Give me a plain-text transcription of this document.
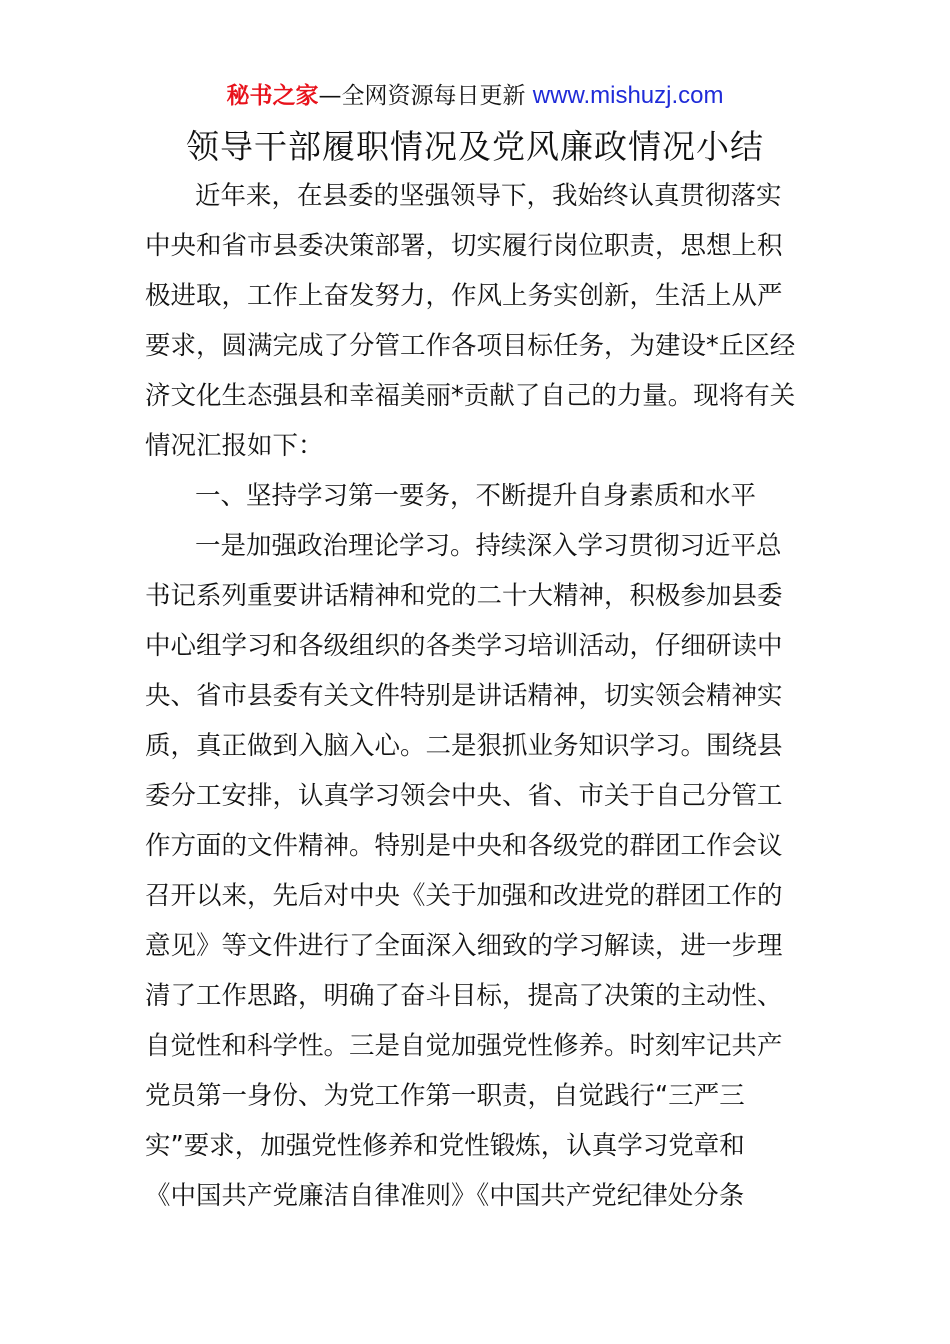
秘书之家—全网资源每日更新 www.mishuzj.com
领导干部履职情况及党风廉政情况小结
近年来，在县委的坚强领导下，我始终认真贯彻落实
中央和省市县委决策部署，切实履行岗位职责，思想上积
极进取，工作上奋发努力，作风上务实创新，生活上从严
要求，圆满完成了分管工作各项目标任务，为建设*丘区经
济文化生态强县和幸福美丽*贡献了自己的力量。现将有关
情况汇报如下：
一、坚持学习第一要务，不断提升自身素质和水平
一是加强政治理论学习。持续深入学习贯彻习近平总
书记系列重要讲话精神和党的二十大精神，积极参加县委
中心组学习和各级组织的各类学习培训活动，仔细研读中
央、省市县委有关文件特别是讲话精神，切实领会精神实
质，真正做到入脑入心。二是狠抓业务知识学习。围绕县
委分工安排，认真学习领会中央、省、市关于自己分管工
作方面的文件精神。特别是中央和各级党的群团工作会议
召开以来，先后对中央《关于加强和改进党的群团工作的
意见》等文件进行了全面深入细致的学习解读，进一步理
清了工作思路，明确了奋斗目标，提高了决策的主动性、
自觉性和科学性。三是自觉加强党性修养。时刻牢记共产
党员第一身份、为党工作第一职责，自觉践行“三严三
实”要求，加强党性修养和党性锻炼，认真学习党章和
《中国共产党廉洁自律准则》《中国共产党纪律处分条
